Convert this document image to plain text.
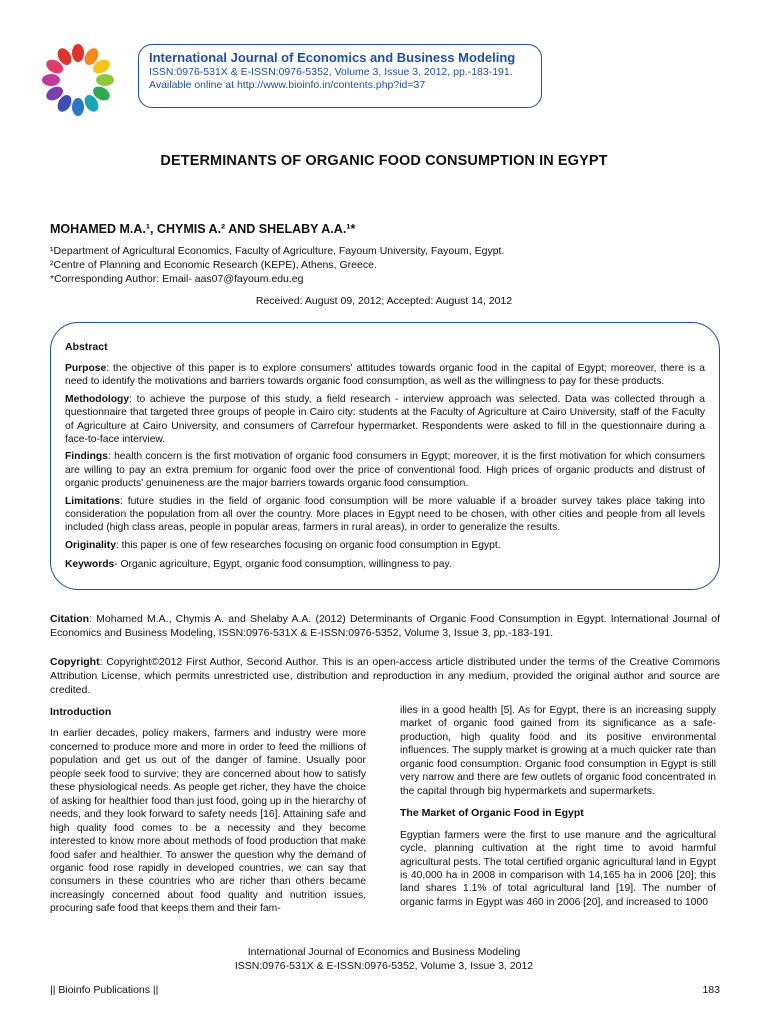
International Journal of Economics and Business Modeling
ISSN:0976-531X & E-ISSN:0976-5352, Volume 3, Issue 3, 2012, pp.-183-191.
Available online at http://www.bioinfo.in/contents.php?id=37
DETERMINANTS OF ORGANIC FOOD CONSUMPTION IN EGYPT
MOHAMED M.A.¹, CHYMIS A.² AND SHELABY A.A.¹*
¹Department of Agricultural Economics, Faculty of Agriculture, Fayoum University, Fayoum, Egypt.
²Centre of Planning and Economic Research (KEPE), Athens, Greece.
*Corresponding Author: Email- aas07@fayoum.edu.eg
Received: August 09, 2012; Accepted: August 14, 2012
Abstract
Purpose: the objective of this paper is to explore consumers' attitudes towards organic food in the capital of Egypt; moreover, there is a need to identify the motivations and barriers towards organic food consumption, as well as the willingness to pay for these products.
Methodology: to achieve the purpose of this study, a field research - interview approach was selected. Data was collected through a questionnaire that targeted three groups of people in Cairo city: students at the Faculty of Agriculture at Cairo University, staff of the Faculty of Agriculture at Cairo University, and consumers of Carrefour hypermarket. Respondents were asked to fill in the questionnaire during a face-to-face interview.
Findings: health concern is the first motivation of organic food consumers in Egypt; moreover, it is the first motivation for which consumers are willing to pay an extra premium for organic food over the price of conventional food. High prices of organic products and distrust of organic products' genuineness are the major barriers towards organic food consumption.
Limitations: future studies in the field of organic food consumption will be more valuable if a broader survey takes place taking into consideration the population from all over the country. More places in Egypt need to be chosen, with other cities and people from all levels included (high class areas, people in popular areas, farmers in rural areas), in order to generalize the results.
Originality: this paper is one of few researches focusing on organic food consumption in Egypt.
Keywords- Organic agriculture, Egypt, organic food consumption, willingness to pay.
Citation: Mohamed M.A., Chymis A. and Shelaby A.A. (2012) Determinants of Organic Food Consumption in Egypt. International Journal of Economics and Business Modeling, ISSN:0976-531X & E-ISSN:0976-5352, Volume 3, Issue 3, pp.-183-191.
Copyright: Copyright©2012 First Author, Second Author. This is an open-access article distributed under the terms of the Creative Commons Attribution License, which permits unrestricted use, distribution and reproduction in any medium, provided the original author and source are credited.
Introduction

In earlier decades, policy makers, farmers and industry were more concerned to produce more and more in order to feed the millions of population and get us out of the danger of famine. Usually poor people seek food to survive; they are concerned about how to satisfy these physiological needs. As people get richer, they have the choice of asking for healthier food than just food, going up in the hierarchy of needs, and they look forward to safety needs [16]. Attaining safe and high quality food comes to be a necessity and they become interested to know more about methods of food production that make food safer and healthier. To answer the question why the demand of organic food rose rapidly in developed countries, we can say that consumers in these countries who are richer than others became increasingly concerned about food quality and nutrition issues, procuring safe food that keeps them and their fam-

ilies in a good health [5]. As for Egypt, there is an increasing supply market of organic food gained from its significance as a safe-production, high quality food and its positive environmental influences. The supply market is growing at a much quicker rate than organic food consumption. Organic food consumption in Egypt is still very narrow and there are few outlets of organic food concentrated in the capital through big hypermarkets and supermarkets.

The Market of Organic Food in Egypt

Egyptian farmers were the first to use manure and the agricultural cycle, planning cultivation at the right time to avoid harmful agricultural pests. The total certified organic agricultural land in Egypt is 40,000 ha in 2008 in comparison with 14,165 ha in 2006 [20]; this land shares 1.1% of total agricultural land [19]. The number of organic farms in Egypt was 460 in 2006 [20], and increased to 1000

International Journal of Economics and Business Modeling
ISSN:0976-531X & E-ISSN:0976-5352, Volume 3, Issue 3, 2012
|| Bioinfo Publications ||	183
